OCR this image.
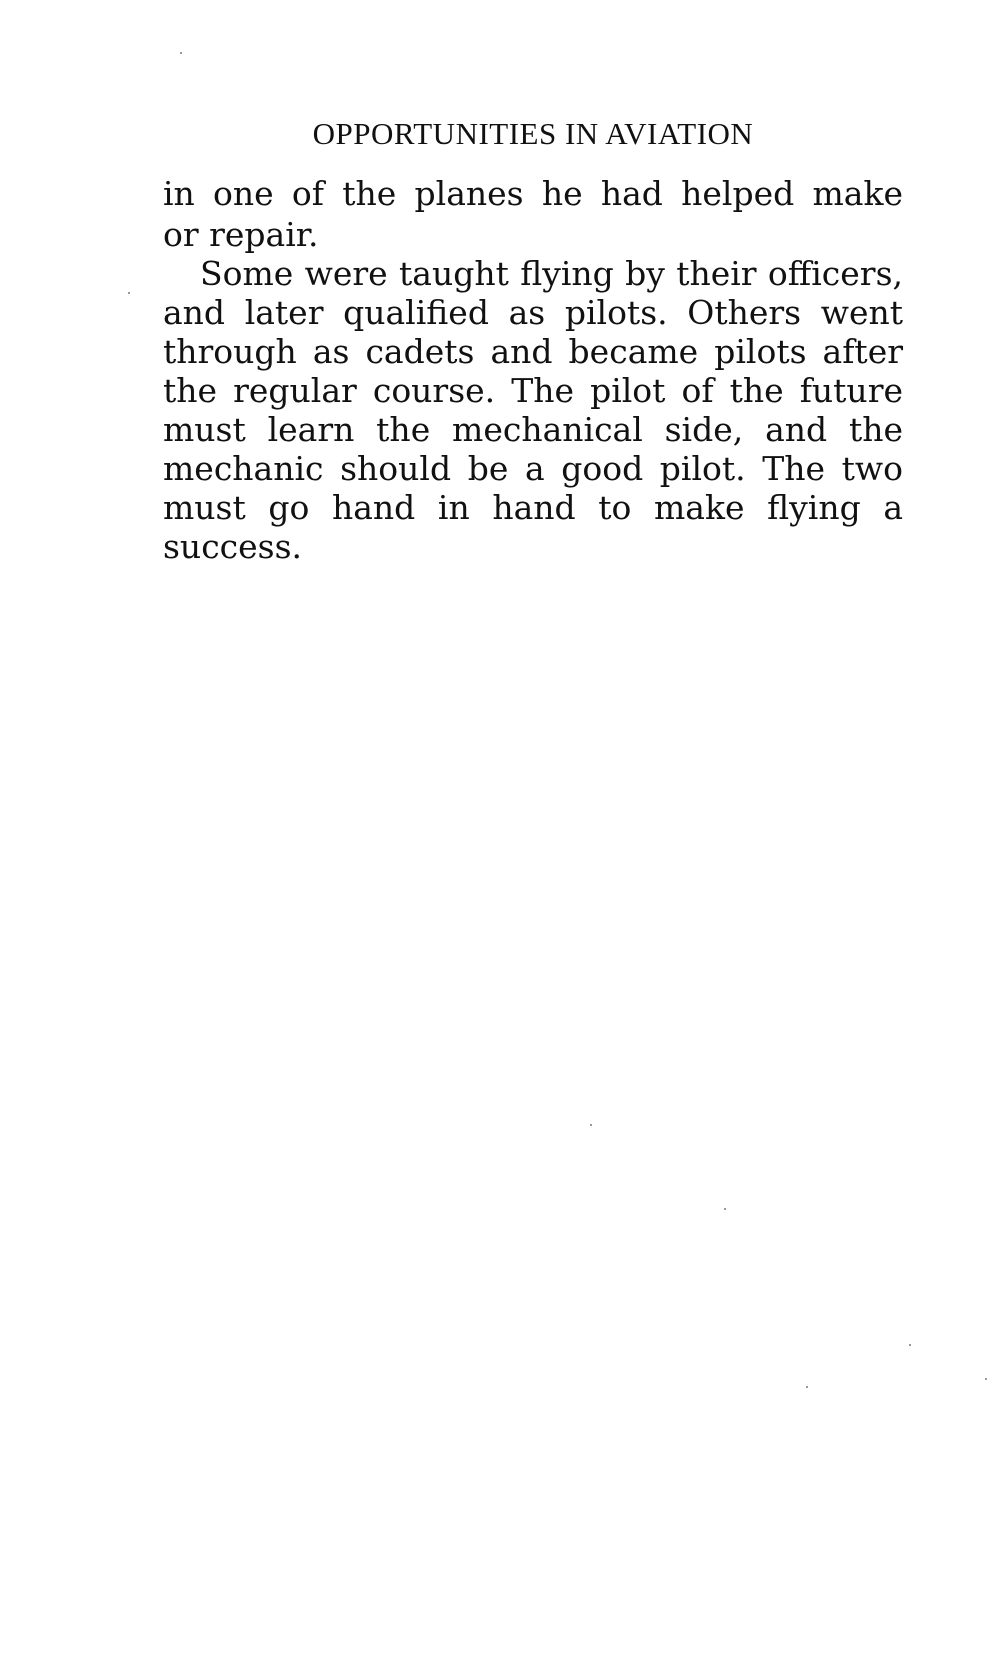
OPPORTUNITIES IN AVIATION
in one of the planes he had helped make
or repair.
Some were taught flying by their officers,
and later qualified as pilots. Others went
through as cadets and became pilots after
the regular course. The pilot of the future
must learn the mechanical side, and the
mechanic should be a good pilot. The two
must go hand in hand to make flying a
success.
